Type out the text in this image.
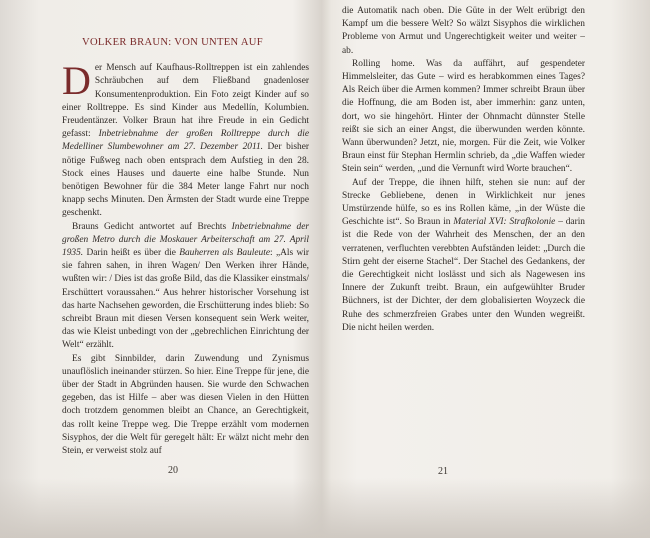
VOLKER BRAUN: VON UNTEN AUF

Der Mensch auf Kaufhaus-Rolltreppen ist ein zahlendes Schräubchen auf dem Fließband gnadenloser Konsumentenproduktion. Ein Foto zeigt Kinder auf so einer Rolltreppe. Es sind Kinder aus Medellín, Kolumbien. Freudentänzer. Volker Braun hat ihre Freude in ein Gedicht gefasst: Inbetriebnahme der großen Rolltreppe durch die Medelliner Slumbewohner am 27. Dezember 2011. Der bisher nötige Fußweg nach oben entsprach dem Aufstieg in den 28. Stock eines Hauses und dauerte eine halbe Stunde. Nun benötigen Bewohner für die 384 Meter lange Fahrt nur noch knapp sechs Minuten. Den Ärmsten der Stadt wurde eine Treppe geschenkt.

Brauns Gedicht antwortet auf Brechts Inbetriebnahme der großen Metro durch die Moskauer Arbeiterschaft am 27. April 1935. Darin heißt es über die Bauherren als Bauleute: „Als wir sie fahren sahen, in ihren Wagen/ Den Werken ihrer Hände, wußten wir: / Dies ist das große Bild, das die Klassiker einstmals/ Erschüttert voraussahen.“ Aus hehrer historischer Vorsehung ist das harte Nachsehen geworden, die Erschütterung indes blieb: So schreibt Braun mit diesen Versen konsequent sein Werk weiter, das wie Kleist unbedingt von der „gebrechlichen Einrichtung der Welt“ erzählt.

Es gibt Sinnbilder, darin Zuwendung und Zynismus unauflöslich ineinander stürzen. So hier. Eine Treppe für jene, die über der Stadt in Abgründen hausen. Sie wurde den Schwachen gegeben, das ist Hilfe – aber was diesen Vielen in den Hütten doch trotzdem genommen bleibt an Chance, an Gerechtigkeit, das rollt keine Treppe weg. Die Treppe erzählt vom modernen Sisyphos, der die Welt für geregelt hält: Er wälzt nicht mehr den Stein, er verweist stolz auf

die Automatik nach oben. Die Güte in der Welt erübrigt den Kampf um die bessere Welt? So wälzt Sisyphos die wirklichen Probleme von Armut und Ungerechtigkeit weiter und weiter – ab.

Rolling home. Was da auffährt, auf gespendeter Himmelsleiter, das Gute – wird es herabkommen eines Tages? Als Reich über die Armen kommen? Immer schreibt Braun über die Hoffnung, die am Boden ist, aber immerhin: ganz unten, dort, wo sie hingehört. Hinter der Ohnmacht dünnster Stelle reißt sie sich an einer Angst, die überwunden werden könnte. Wann überwunden? Jetzt, nie, morgen. Für die Zeit, wie Volker Braun einst für Stephan Hermlin schrieb, da „die Waffen wieder Stein sein“ werden, „und die Vernunft wird Worte brauchen“.

Auf der Treppe, die ihnen hilft, stehen sie nun: auf der Strecke Gebliebene, denen in Wirklichkeit nur jenes Umstürzende hülfe, so es ins Rollen käme, „in der Wüste die Geschichte ist“. So Braun in Material XVI: Strafkolonie – darin ist die Rede von der Wahrheit des Menschen, der an den verratenen, verfluchten verebbten Aufständen leidet: „Durch die Stirn geht der eiserne Stachel“. Der Stachel des Gedankens, der die Gerechtigkeit nicht loslässt und sich als Nagewesen ins Innere der Zukunft treibt. Braun, ein aufgewühlter Bruder Büchners, ist der Dichter, der dem globalisierten Woyzeck die Ruhe des schmerzfreien Grabes unter den Wunden wegreißt. Die nicht heilen werden.

20	21
